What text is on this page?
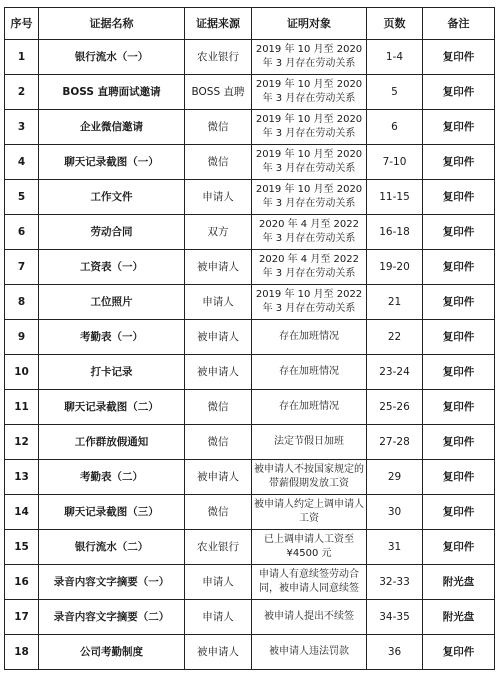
序号	证据名称	证据来源	证明对象	页数	备注
1	银行流水（一）	农业银行	2019 年 10 月至 2020 年 3 月存在劳动关系	1-4	复印件
2	BOSS 直聘面试邀请	BOSS 直聘	2019 年 10 月至 2020 年 3 月存在劳动关系	5	复印件
3	企业微信邀请	微信	2019 年 10 月至 2020 年 3 月存在劳动关系	6	复印件
4	聊天记录截图（一）	微信	2019 年 10 月至 2020 年 3 月存在劳动关系	7-10	复印件
5	工作文件	申请人	2019 年 10 月至 2020 年 3 月存在劳动关系	11-15	复印件
6	劳动合同	双方	2020 年 4 月至 2022 年 3 月存在劳动关系	16-18	复印件
7	工资表（一）	被申请人	2020 年 4 月至 2022 年 3 月存在劳动关系	19-20	复印件
8	工位照片	申请人	2019 年 10 月至 2022 年 3 月存在劳动关系	21	复印件
9	考勤表（一）	被申请人	存在加班情况	22	复印件
10	打卡记录	被申请人	存在加班情况	23-24	复印件
11	聊天记录截图（二）	微信	存在加班情况	25-26	复印件
12	工作群放假通知	微信	法定节假日加班	27-28	复印件
13	考勤表（二）	被申请人	被申请人不按国家规定的带薪假期发放工资	29	复印件
14	聊天记录截图（三）	微信	被申请人约定上调申请人工资	30	复印件
15	银行流水（二）	农业银行	已上调申请人工资至 ¥4500 元	31	复印件
16	录音内容文字摘要（一）	申请人	申请人有意续签劳动合同，被申请人同意续签	32-33	附光盘
17	录音内容文字摘要（二）	申请人	被申请人提出不续签	34-35	附光盘
18	公司考勤制度	被申请人	被申请人违法罚款	36	复印件
